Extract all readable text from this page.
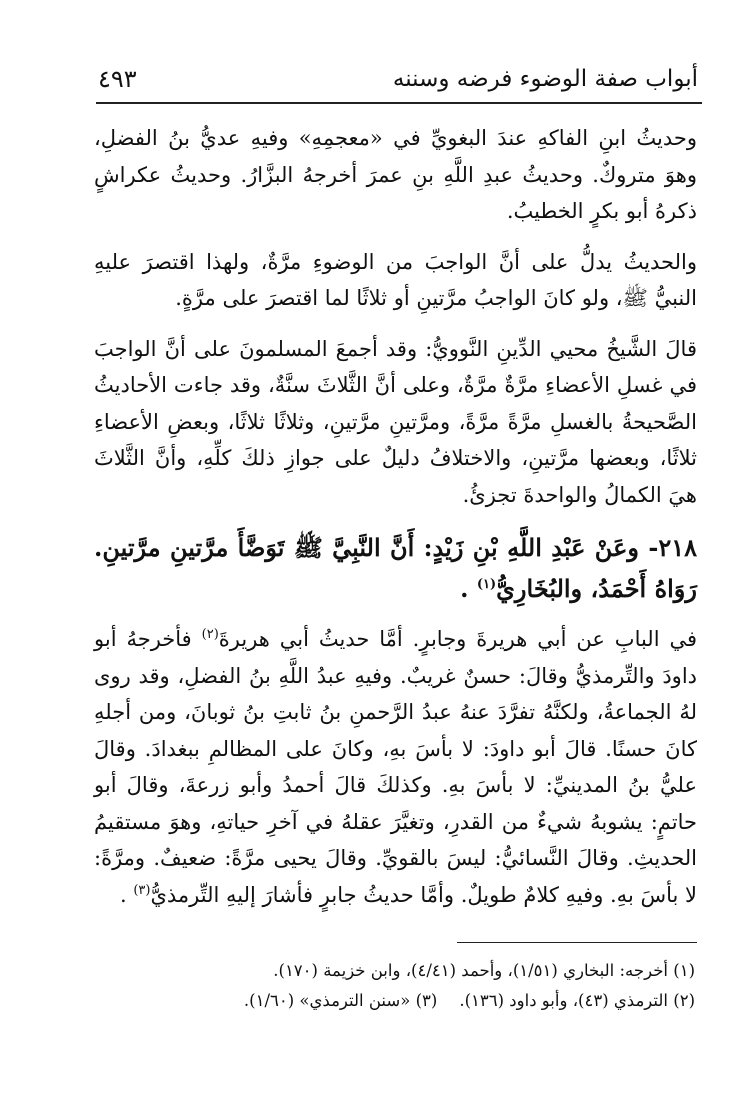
أبواب صفة الوضوء فرضه وسننه
٤٩٣

وحديثُ ابنِ الفاكهِ عندَ البغويِّ في «معجمِهِ» وفيهِ عديُّ بنُ الفضلِ، وهوَ متروكٌ. وحديثُ عبدِ اللَّهِ بنِ عمرَ أخرجهُ البزَّارُ. وحديثُ عكراشٍ ذكرهُ أبو بكرٍ الخطيبُ.

والحديثُ يدلُّ على أنَّ الواجبَ من الوضوءِ مرَّةٌ، ولهذا اقتصرَ عليهِ النبيُّ ﷺ، ولو كانَ الواجبُ مرَّتينِ أو ثلاثًا لما اقتصرَ على مرَّةٍ.

قالَ الشَّيخُ محيي الدِّينِ النَّوويُّ: وقد أجمعَ المسلمونَ على أنَّ الواجبَ في غسلِ الأعضاءِ مرَّةٌ مرَّةٌ، وعلى أنَّ الثَّلاثَ سنَّةٌ، وقد جاءت الأحاديثُ الصَّحيحةُ بالغسلِ مرَّةً مرَّةً، ومرَّتينِ مرَّتينِ، وثلاثًا ثلاثًا، وبعضِ الأعضاءِ ثلاثًا، وبعضها مرَّتينِ، والاختلافُ دليلٌ على جوازِ ذلكَ كلِّهِ، وأنَّ الثَّلاثَ هيَ الكمالُ والواحدةَ تجزئُ.

٢١٨- وعَنْ عَبْدِ اللَّهِ بْنِ زَيْدٍ: أَنَّ النَّبِيَّ ﷺ تَوَضَّأَ مرَّتينِ مرَّتينِ. رَوَاهُ أَحْمَدُ، والبُخَارِيُّ$^{(١)}$ .

في البابِ عن أبي هريرةَ وجابرٍ. أمَّا حديثُ أبي هريرةَ$^{(٢)}$ فأخرجهُ أبو داودَ والتِّرمذيُّ وقالَ: حسنٌ غريبٌ. وفيهِ عبدُ اللَّهِ بنُ الفضلِ، وقد روى لهُ الجماعةُ، ولكنَّهُ تفرَّدَ عنهُ عبدُ الرَّحمنِ بنُ ثابتِ بنُ ثوبانَ، ومن أجلهِ كانَ حسنًا. قالَ أبو داودَ: لا بأسَ بهِ، وكانَ على المظالمِ ببغدادَ. وقالَ عليُّ بنُ المدينيِّ: لا بأسَ بهِ. وكذلكَ قالَ أحمدُ وأبو زرعةَ، وقالَ أبو حاتمٍ: يشوبهُ شيءٌ من القدرِ، وتغيَّرَ عقلهُ في آخرِ حياتهِ، وهوَ مستقيمُ الحديثِ. وقالَ النَّسائيُّ: ليسَ بالقويِّ. وقالَ يحيى مرَّةً: ضعيفٌ. ومرَّةً: لا بأسَ بهِ. وفيهِ كلامٌ طويلٌ. وأمَّا حديثُ جابرٍ فأشارَ إليهِ التِّرمذيُّ$^{(٣)}$ .

(١) أخرجه: البخاري (١/٥١)، وأحمد (٤/٤١)، وابن خزيمة (١٧٠).
(٢) الترمذي (٤٣)، وأبو داود (١٣٦).(٣) «سنن الترمذي» (١/٦٠).
